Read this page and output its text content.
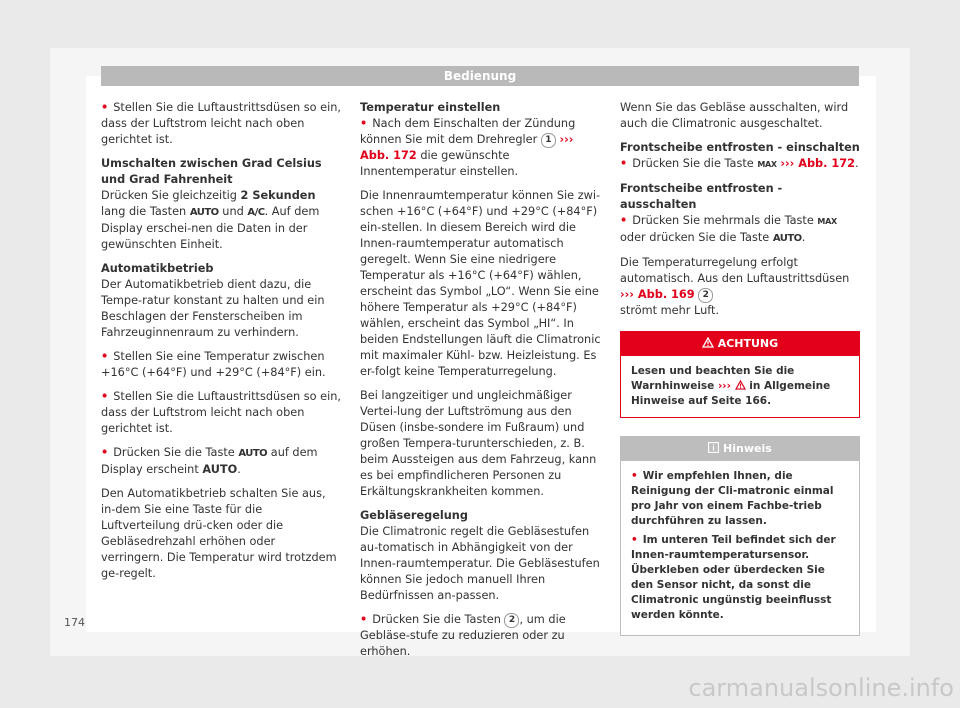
Bedienung

• Stellen Sie die Luftaustrittsdüsen so ein, dass der Luftstrom leicht nach oben gerichtet ist.

Umschalten zwischen Grad Celsius und Grad Fahrenheit

Drücken Sie gleichzeitig 2 Sekunden lang die Tasten AUTO und A/C. Auf dem Display erschei-nen die Daten in der gewünschten Einheit.

Automatikbetrieb

Der Automatikbetrieb dient dazu, die Tempe-ratur konstant zu halten und ein Beschlagen der Fensterscheiben im Fahrzeuginnenraum zu verhindern.

• Stellen Sie eine Temperatur zwischen +16°C (+64°F) und +29°C (+84°F) ein.

• Stellen Sie die Luftaustrittsdüsen so ein, dass der Luftstrom leicht nach oben gerichtet ist.

• Drücken Sie die Taste AUTO auf dem Display erscheint AUTO.

Den Automatikbetrieb schalten Sie aus, in-dem Sie eine Taste für die Luftverteilung drü-cken oder die Gebläsedrehzahl erhöhen oder verringern. Die Temperatur wird trotzdem ge-regelt.

Temperatur einstellen

• Nach dem Einschalten der Zündung können Sie mit dem Drehregler 1 ››› Abb. 172 die gewünschte Innentemperatur einstellen.

Die Innenraumtemperatur können Sie zwi-schen +16°C (+64°F) und +29°C (+84°F) ein-stellen. In diesem Bereich wird die Innen-raumtemperatur automatisch geregelt. Wenn Sie eine niedrigere Temperatur als +16°C (+64°F) wählen, erscheint das Symbol „LO“. Wenn Sie eine höhere Temperatur als +29°C (+84°F) wählen, erscheint das Symbol „HI“. In beiden Endstellungen läuft die Climatronic mit maximaler Kühl- bzw. Heizleistung. Es er-folgt keine Temperaturregelung.

Bei langzeitiger und ungleichmäßiger Vertei-lung der Luftströmung aus den Düsen (insbe-sondere im Fußraum) und großen Tempera-turunterschieden, z. B. beim Aussteigen aus dem Fahrzeug, kann es bei empfindlicheren Personen zu Erkältungskrankheiten kommen.

Gebläseregelung

Die Climatronic regelt die Gebläsestufen au-tomatisch in Abhängigkeit von der Innen-raumtemperatur. Die Gebläsestufen können Sie jedoch manuell Ihren Bedürfnissen an-passen.

• Drücken Sie die Tasten 2 , um die Gebläse-stufe zu reduzieren oder zu erhöhen.

Wenn Sie das Gebläse ausschalten, wird auch die Climatronic ausgeschaltet.

Frontscheibe entfrosten - einschalten

• Drücken Sie die Taste MAX ››› Abb. 172.

Frontscheibe entfrosten - ausschalten

• Drücken Sie mehrmals die Taste MAX oder drücken Sie die Taste AUTO.

Die Temperaturregelung erfolgt automatisch. Aus den Luftaustrittsdüsen ››› Abb. 169 2
strömt mehr Luft.

ACHTUNG
Lesen und beachten Sie die Warnhinweise ›››  in Allgemeine Hinweise auf Seite 166.
Hinweis

• Wir empfehlen Ihnen, die Reinigung der Cli-matronic einmal pro Jahr von einem Fachbe-trieb durchführen zu lassen.

• Im unteren Teil befindet sich der Innen-raumtemperatursensor. Überkleben oder überdecken Sie den Sensor nicht, da sonst die Climatronic ungünstig beeinflusst werden könnte.

174
carmanualsonline.info
